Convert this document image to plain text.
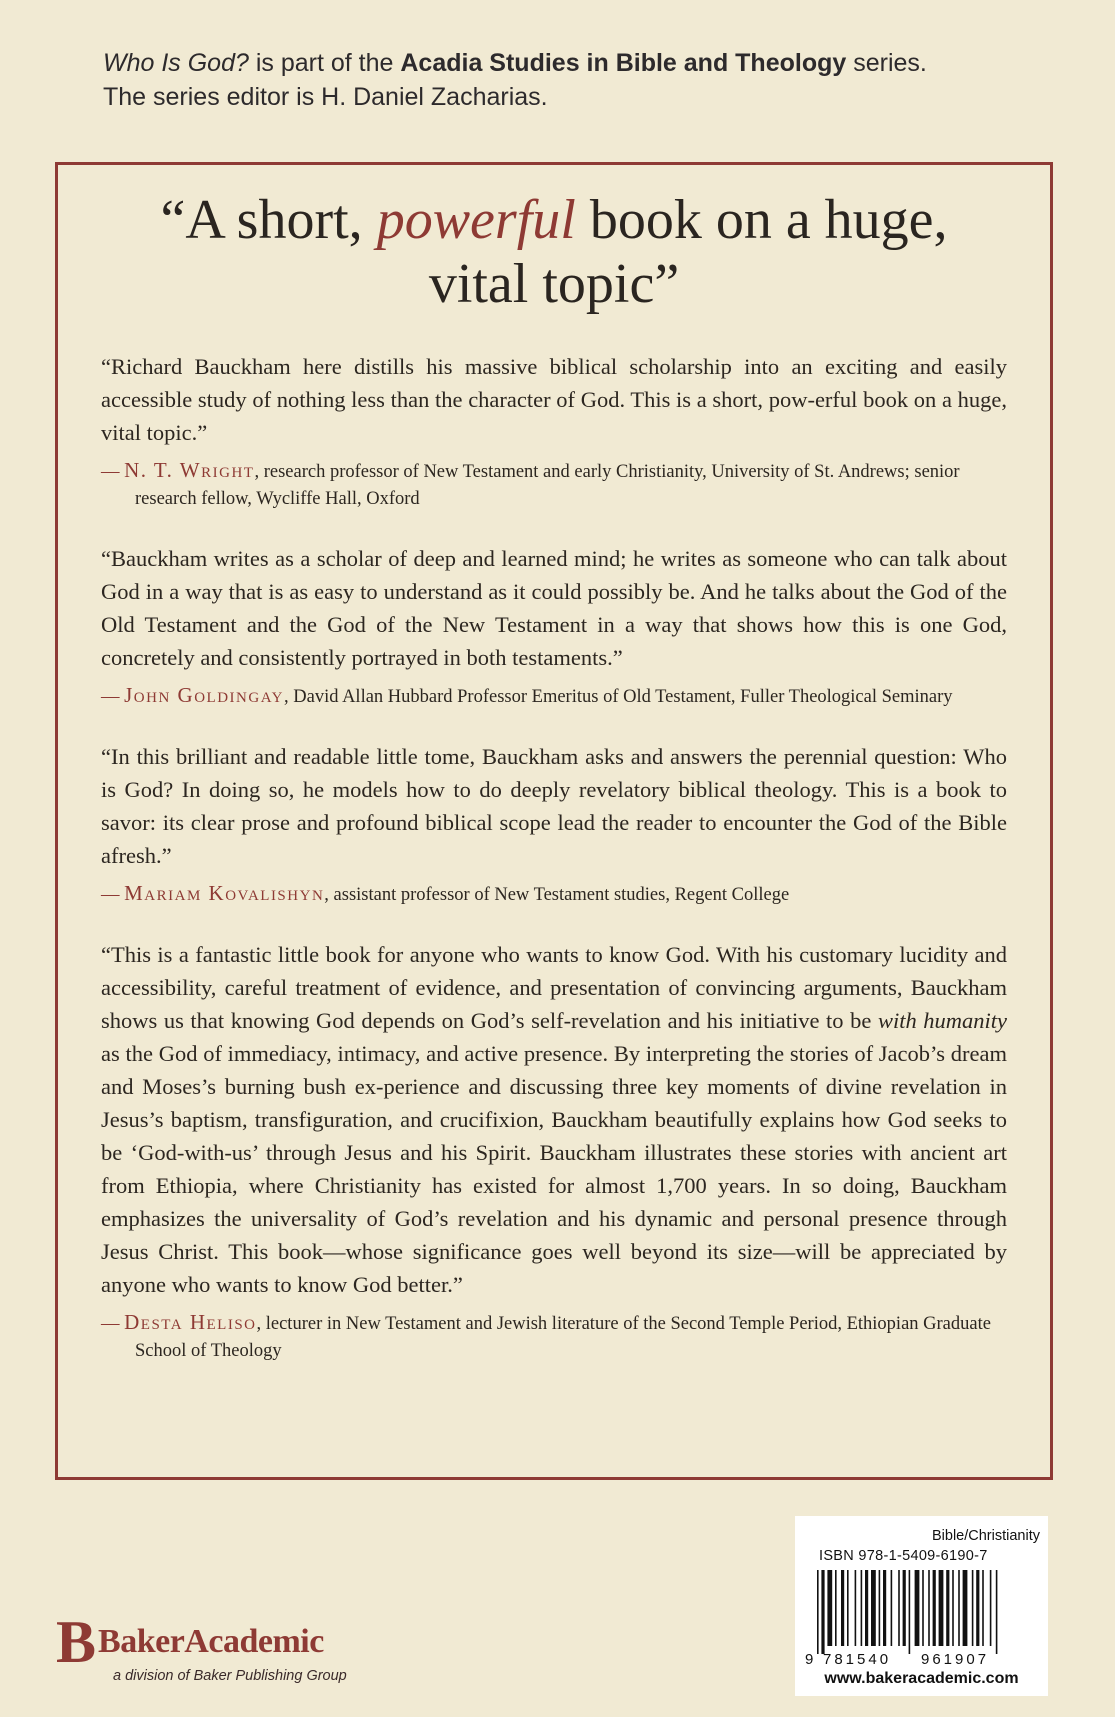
Who Is God? is part of the Acadia Studies in Bible and Theology series.
The series editor is H. Daniel Zacharias.
“A short, powerful book on a huge,
vital topic”

“Richard Bauckham here distills his massive biblical scholarship into an exciting and easily accessible study of nothing less than the character of God. This is a short, pow-erful book on a huge, vital topic.”

— N. T. Wright, research professor of New Testament and early Christianity, University of St. Andrews; senior research fellow, Wycliffe Hall, Oxford

“Bauckham writes as a scholar of deep and learned mind; he writes as someone who can talk about God in a way that is as easy to understand as it could possibly be. And he talks about the God of the Old Testament and the God of the New Testament in a way that shows how this is one God, concretely and consistently portrayed in both testaments.”

— John Goldingay, David Allan Hubbard Professor Emeritus of Old Testament, Fuller Theological Seminary

“In this brilliant and readable little tome, Bauckham asks and answers the perennial question: Who is God? In doing so, he models how to do deeply revelatory biblical theology. This is a book to savor: its clear prose and profound biblical scope lead the reader to encounter the God of the Bible afresh.”

— Mariam Kovalishyn, assistant professor of New Testament studies, Regent College

“This is a fantastic little book for anyone who wants to know God. With his customary lucidity and accessibility, careful treatment of evidence, and presentation of convincing arguments, Bauckham shows us that knowing God depends on God’s self-revelation and his initiative to be with humanity as the God of immediacy, intimacy, and active presence. By interpreting the stories of Jacob’s dream and Moses’s burning bush ex-perience and discussing three key moments of divine revelation in Jesus’s baptism, transfiguration, and crucifixion, Bauckham beautifully explains how God seeks to be ‘God-with-us’ through Jesus and his Spirit. Bauckham illustrates these stories with ancient art from Ethiopia, where Christianity has existed for almost 1,700 years. In so doing, Bauckham emphasizes the universality of God’s revelation and his dynamic and personal presence through Jesus Christ. This book—whose significance goes well beyond its size—will be appreciated by anyone who wants to know God better.”

— Desta Heliso, lecturer in New Testament and Jewish literature of the Second Temple Period, Ethiopian Graduate School of Theology

B BakerAcademic
a division of Baker Publishing Group
Bible/Christianity
ISBN 978-1-5409-6190-7
9 781540 961907
www.bakeracademic.com
